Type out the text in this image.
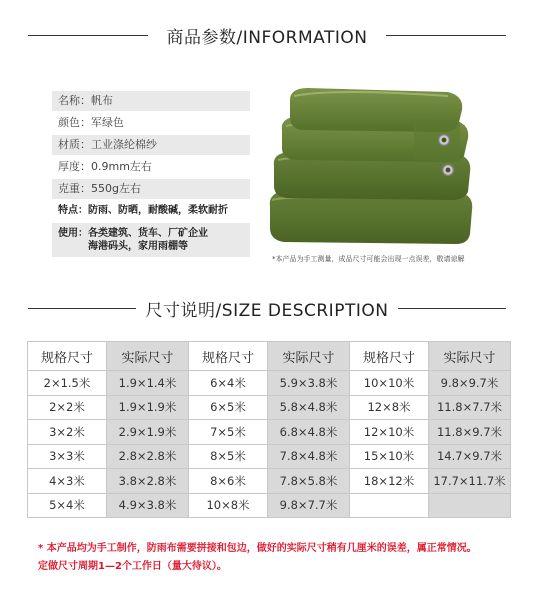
商品参数/INFORMATION
名称：帆布
颜色：军绿色
材质：工业涤纶棉纱
厚度：0.9mm左右
克重：550g左右
特点：防雨、防晒，耐酸碱，柔软耐折
使用：各类建筑、货车、厂矿企业
海港码头，家用雨棚等
*本产品为手工测量，成品尺寸可能会出现一点误差，敬请谅解
尺寸说明/SIZE DESCRIPTION
规格尺寸	实际尺寸	规格尺寸	实际尺寸	规格尺寸	实际尺寸
2×1.5米	1.9×1.4米	6×4米	5.9×3.8米	10×10米	9.8×9.7米
2×2米	1.9×1.9米	6×5米	5.8×4.8米	12×8米	11.8×7.7米
3×2米	2.9×1.9米	7×5米	6.8×4.8米	12×10米	11.8×9.7米
3×3米	2.8×2.8米	8×5米	7.8×4.8米	15×10米	14.7×9.7米
4×3米	3.8×2.8米	8×6米	7.8×5.8米	18×12米	17.7×11.7米
5×4米	4.9×3.8米	10×8米	9.8×7.7米		
* 本产品均为手工制作，防雨布需要拼接和包边，做好的实际尺寸稍有几厘米的误差，属正常情况。
定做尺寸周期1—2个工作日（量大待议）。
